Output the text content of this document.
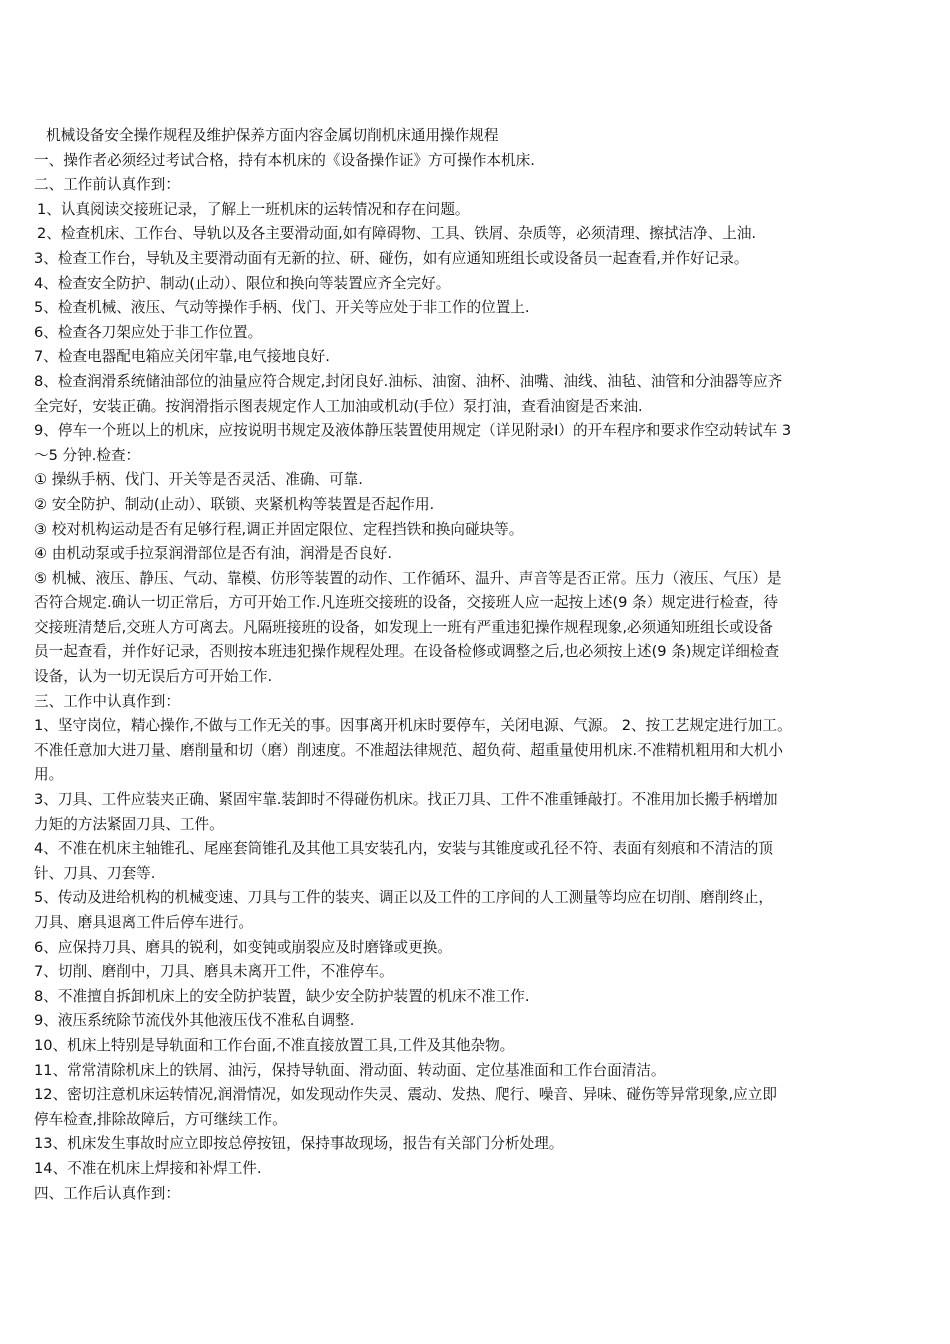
机械设备安全操作规程及维护保养方面内容金属切削机床通用操作规程
一、操作者必须经过考试合格，持有本机床的《设备操作证》方可操作本机床.
二、工作前认真作到：
1、认真阅读交接班记录，了解上一班机床的运转情况和存在问题。
2、检查机床、工作台、导轨以及各主要滑动面,如有障碍物、工具、铁屑、杂质等，必须清理、擦拭洁净、上油.
3、检查工作台，导轨及主要滑动面有无新的拉、研、碰伤，如有应通知班组长或设备员一起查看,并作好记录。
4、检查安全防护、制动(止动）、限位和换向等装置应齐全完好。
5、检查机械、液压、气动等操作手柄、伐门、开关等应处于非工作的位置上.
6、检查各刀架应处于非工作位置。
7、检查电器配电箱应关闭牢靠,电气接地良好.
8、检查润滑系统储油部位的油量应符合规定,封闭良好.油标、油窗、油杯、油嘴、油线、油毡、油管和分油器等应齐
全完好，安装正确。按润滑指示图表规定作人工加油或机动(手位）泵打油，查看油窗是否来油.
9、停车一个班以上的机床，应按说明书规定及液体静压装置使用规定（详见附录Ⅰ）的开车程序和要求作空动转试车 3
～5 分钟.检查：
① 操纵手柄、伐门、开关等是否灵活、准确、可靠.
② 安全防护、制动(止动）、联锁、夹紧机构等装置是否起作用.
③ 校对机构运动是否有足够行程,调正并固定限位、定程挡铁和换向碰块等。
④ 由机动泵或手拉泵润滑部位是否有油，润滑是否良好.
⑤ 机械、液压、静压、气动、靠模、仿形等装置的动作、工作循环、温升、声音等是否正常。压力（液压、气压）是
否符合规定.确认一切正常后，方可开始工作.凡连班交接班的设备，交接班人应一起按上述(9 条）规定进行检查，待
交接班清楚后,交班人方可离去。凡隔班接班的设备，如发现上一班有严重违犯操作规程现象,必须通知班组长或设备
员一起查看，并作好记录，否则按本班违犯操作规程处理。在设备检修或调整之后,也必须按上述(9 条)规定详细检查
设备，认为一切无误后方可开始工作.
三、工作中认真作到：
1、坚守岗位，精心操作,不做与工作无关的事。因事离开机床时要停车，关闭电源、气源。 2、按工艺规定进行加工。
不准任意加大进刀量、磨削量和切（磨）削速度。不准超法律规范、超负荷、超重量使用机床.不准精机粗用和大机小
用。
3、刀具、工件应装夹正确、紧固牢靠.装卸时不得碰伤机床。找正刀具、工件不准重锤敲打。不准用加长搬手柄增加
力矩的方法紧固刀具、工件。
4、不准在机床主轴锥孔、尾座套筒锥孔及其他工具安装孔内，安装与其锥度或孔径不符、表面有刻痕和不清洁的顶
针、刀具、刀套等.
5、传动及进给机构的机械变速、刀具与工件的装夹、调正以及工件的工序间的人工测量等均应在切削、磨削终止，
刀具、磨具退离工件后停车进行。
6、应保持刀具、磨具的锐利，如变钝或崩裂应及时磨锋或更换。
7、切削、磨削中，刀具、磨具未离开工件，不准停车。
8、不准擅自拆卸机床上的安全防护装置，缺少安全防护装置的机床不准工作.
9、液压系统除节流伐外其他液压伐不准私自调整.
10、机床上特别是导轨面和工作台面,不准直接放置工具,工件及其他杂物。
11、常常清除机床上的铁屑、油污，保持导轨面、滑动面、转动面、定位基准面和工作台面清洁。
12、密切注意机床运转情况,润滑情况，如发现动作失灵、震动、发热、爬行、噪音、异味、碰伤等异常现象,应立即
停车检查,排除故障后，方可继续工作。
13、机床发生事故时应立即按总停按钮，保持事故现场，报告有关部门分析处理。
14、不准在机床上焊接和补焊工件.
四、工作后认真作到：
